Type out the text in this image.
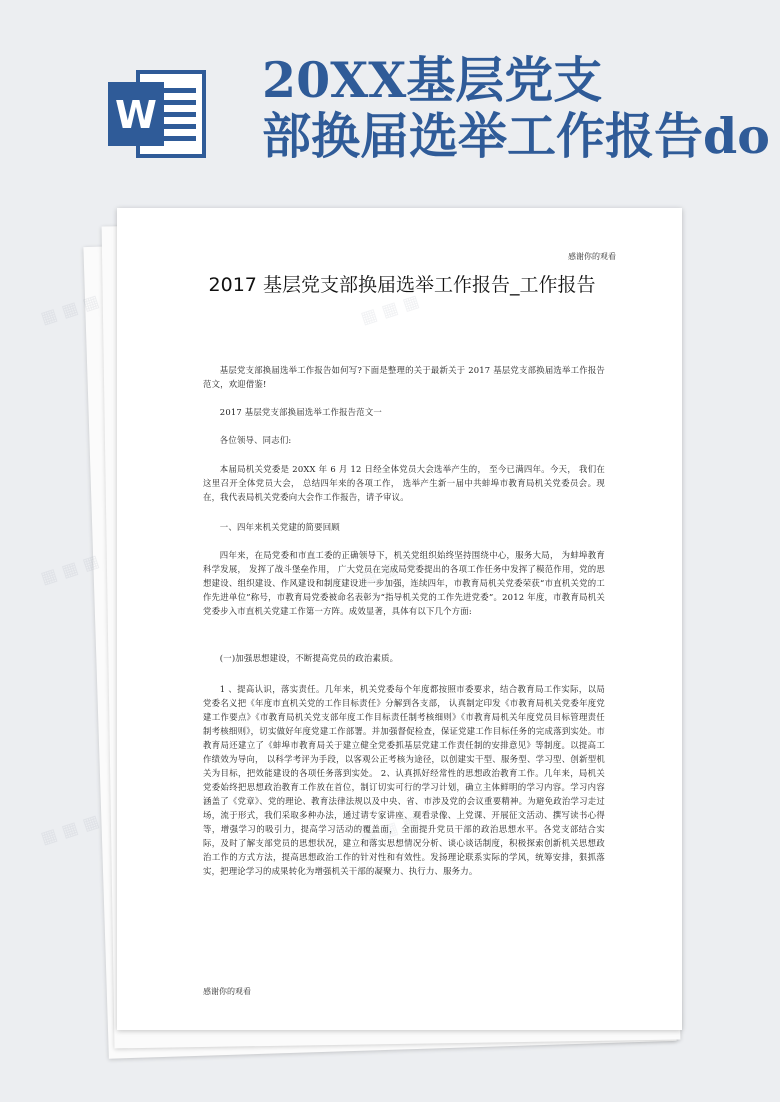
W
20XX基层党支
部换届选举工作报告do

感谢你的观看

2017 基层党支部换届选举工作报告_工作报告

基层党支部换届选举工作报告如何写?下面是整理的关于最新关于 2017 基层党支部换届选举工作报告范文，欢迎借鉴!

2017 基层党支部换届选举工作报告范文一

各位领导、同志们:

本届局机关党委是 20XX 年 6 月 12 日经全体党员大会选举产生的， 至今已满四年。今天， 我们在这里召开全体党员大会， 总结四年来的各项工作， 选举产生新一届中共蚌埠市教育局机关党委员会。现在，我代表局机关党委向大会作工作报告，请予审议。

一、四年来机关党建的简要回顾

四年来，在局党委和市直工委的正确领导下，机关党组织始终坚持围绕中心，服务大局， 为蚌埠教育科学发展， 发挥了战斗堡垒作用， 广大党员在完成局党委提出的各项工作任务中发挥了模范作用，党的思想建设、组织建设、作风建设和制度建设进一步加强，连续四年，市教育局机关党委荣获“市直机关党的工作先进单位”称号，市教育局党委被命名表彰为“指导机关党的工作先进党委”。2012 年度，市教育局机关党委步入市直机关党建工作第一方阵。成效显著，具体有以下几个方面:

(一)加强思想建设，不断提高党员的政治素质。

1 、提高认识，落实责任。几年来，机关党委每个年度都按照市委要求，结合教育局工作实际，以局党委名义把《年度市直机关党的工作目标责任》分解到各支部， 认真制定印发《市教育局机关党委年度党建工作要点》《市教育局机关党支部年度工作目标责任制考核细则》《市教育局机关年度党员目标管理责任制考核细则》，切实做好年度党建工作部署。并加强督促检查，保证党建工作目标任务的完成落到实处。市教育局还建立了《蚌埠市教育局关于建立健全党委抓基层党建工作责任制的安排意见》等制度。以提高工作绩效为导向， 以科学考评为手段，以客观公正考核为途径，以创建实干型、服务型、学习型、创新型机关为目标，把效能建设的各项任务落到实处。 2、认真抓好经常性的思想政治教育工作。几年来，局机关党委始终把思想政治教育工作放在首位，制订切实可行的学习计划，确立主体鲜明的学习内容。学习内容涵盖了《党章》、党的理论、教育法律法规以及中央、省、市涉及党的会议重要精神。为避免政治学习走过场，流于形式，我们采取多种办法，通过请专家讲座、观看录像、上党课、开展征文活动、撰写读书心得等，增强学习的吸引力，提高学习活动的覆盖面， 全面提升党员干部的政治思想水平。各党支部结合实际，及时了解支部党员的思想状况，建立和落实思想情况分析、谈心谈话制度，积极探索创新机关思想政治工作的方式方法，提高思想政治工作的针对性和有效性。发扬理论联系实际的学风，统筹安排，狠抓落实，把理论学习的成果转化为增强机关干部的凝聚力、执行力、服务力。

感谢你的观看

▦ ▦ ▦
▦ ▦ ▦
▦ ▦ ▦
